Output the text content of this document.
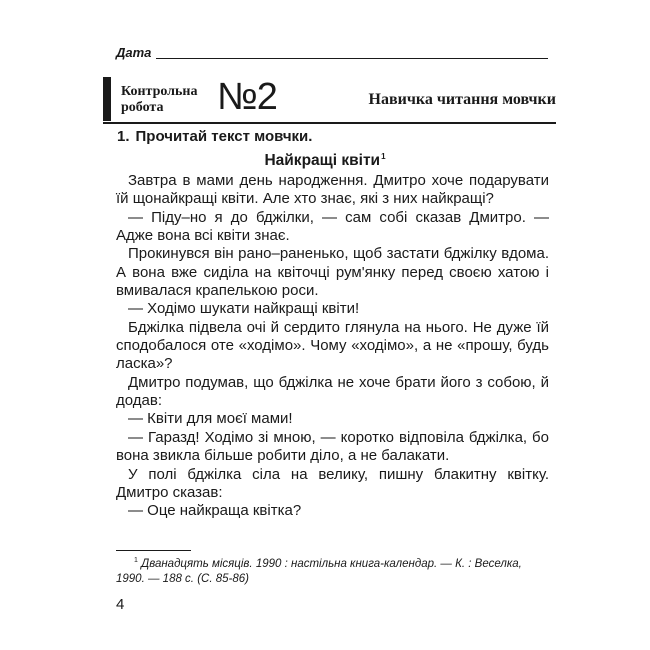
Дата
Контрольна
робота	№2	Навичка читання мовчки
1. Прочитай текст мовчки.
Найкращі квіти$^1$

Завтра в мами день народження. Дмитро хоче подарувати їй щонайкращі квіти. Але хто знає, які з них найкращі?

— Піду–но я до бджілки, — сам собі сказав Дмитро. — Адже вона всі квіти знає.

Прокинувся він рано–раненько, щоб застати бджілку вдома. А вона вже сиділа на квіточці рум'янку перед своєю хатою і вмивалася крапелькою роси.

— Ходімо шукати найкращі квіти!

Бджілка підвела очі й сердито глянула на нього. Не дуже їй сподобалося оте «ходімо». Чому «ходімо», а не «прошу, будь ласка»?

Дмитро подумав, що бджілка не хоче брати його з собою, й додав:

— Квіти для моєї мами!

— Гаразд! Ходімо зі мною, — коротко відповіла бджілка, бо вона звикла більше робити діло, а не балакати.

У полі бджілка сіла на велику, пишну блакитну квітку. Дмитро сказав:

— Оце найкраща квітка?

$^1$ Дванадцять місяців. 1990 : настільна книга-календар. — К. : Веселка, 1990. — 188 с. (С. 85-86)
4
